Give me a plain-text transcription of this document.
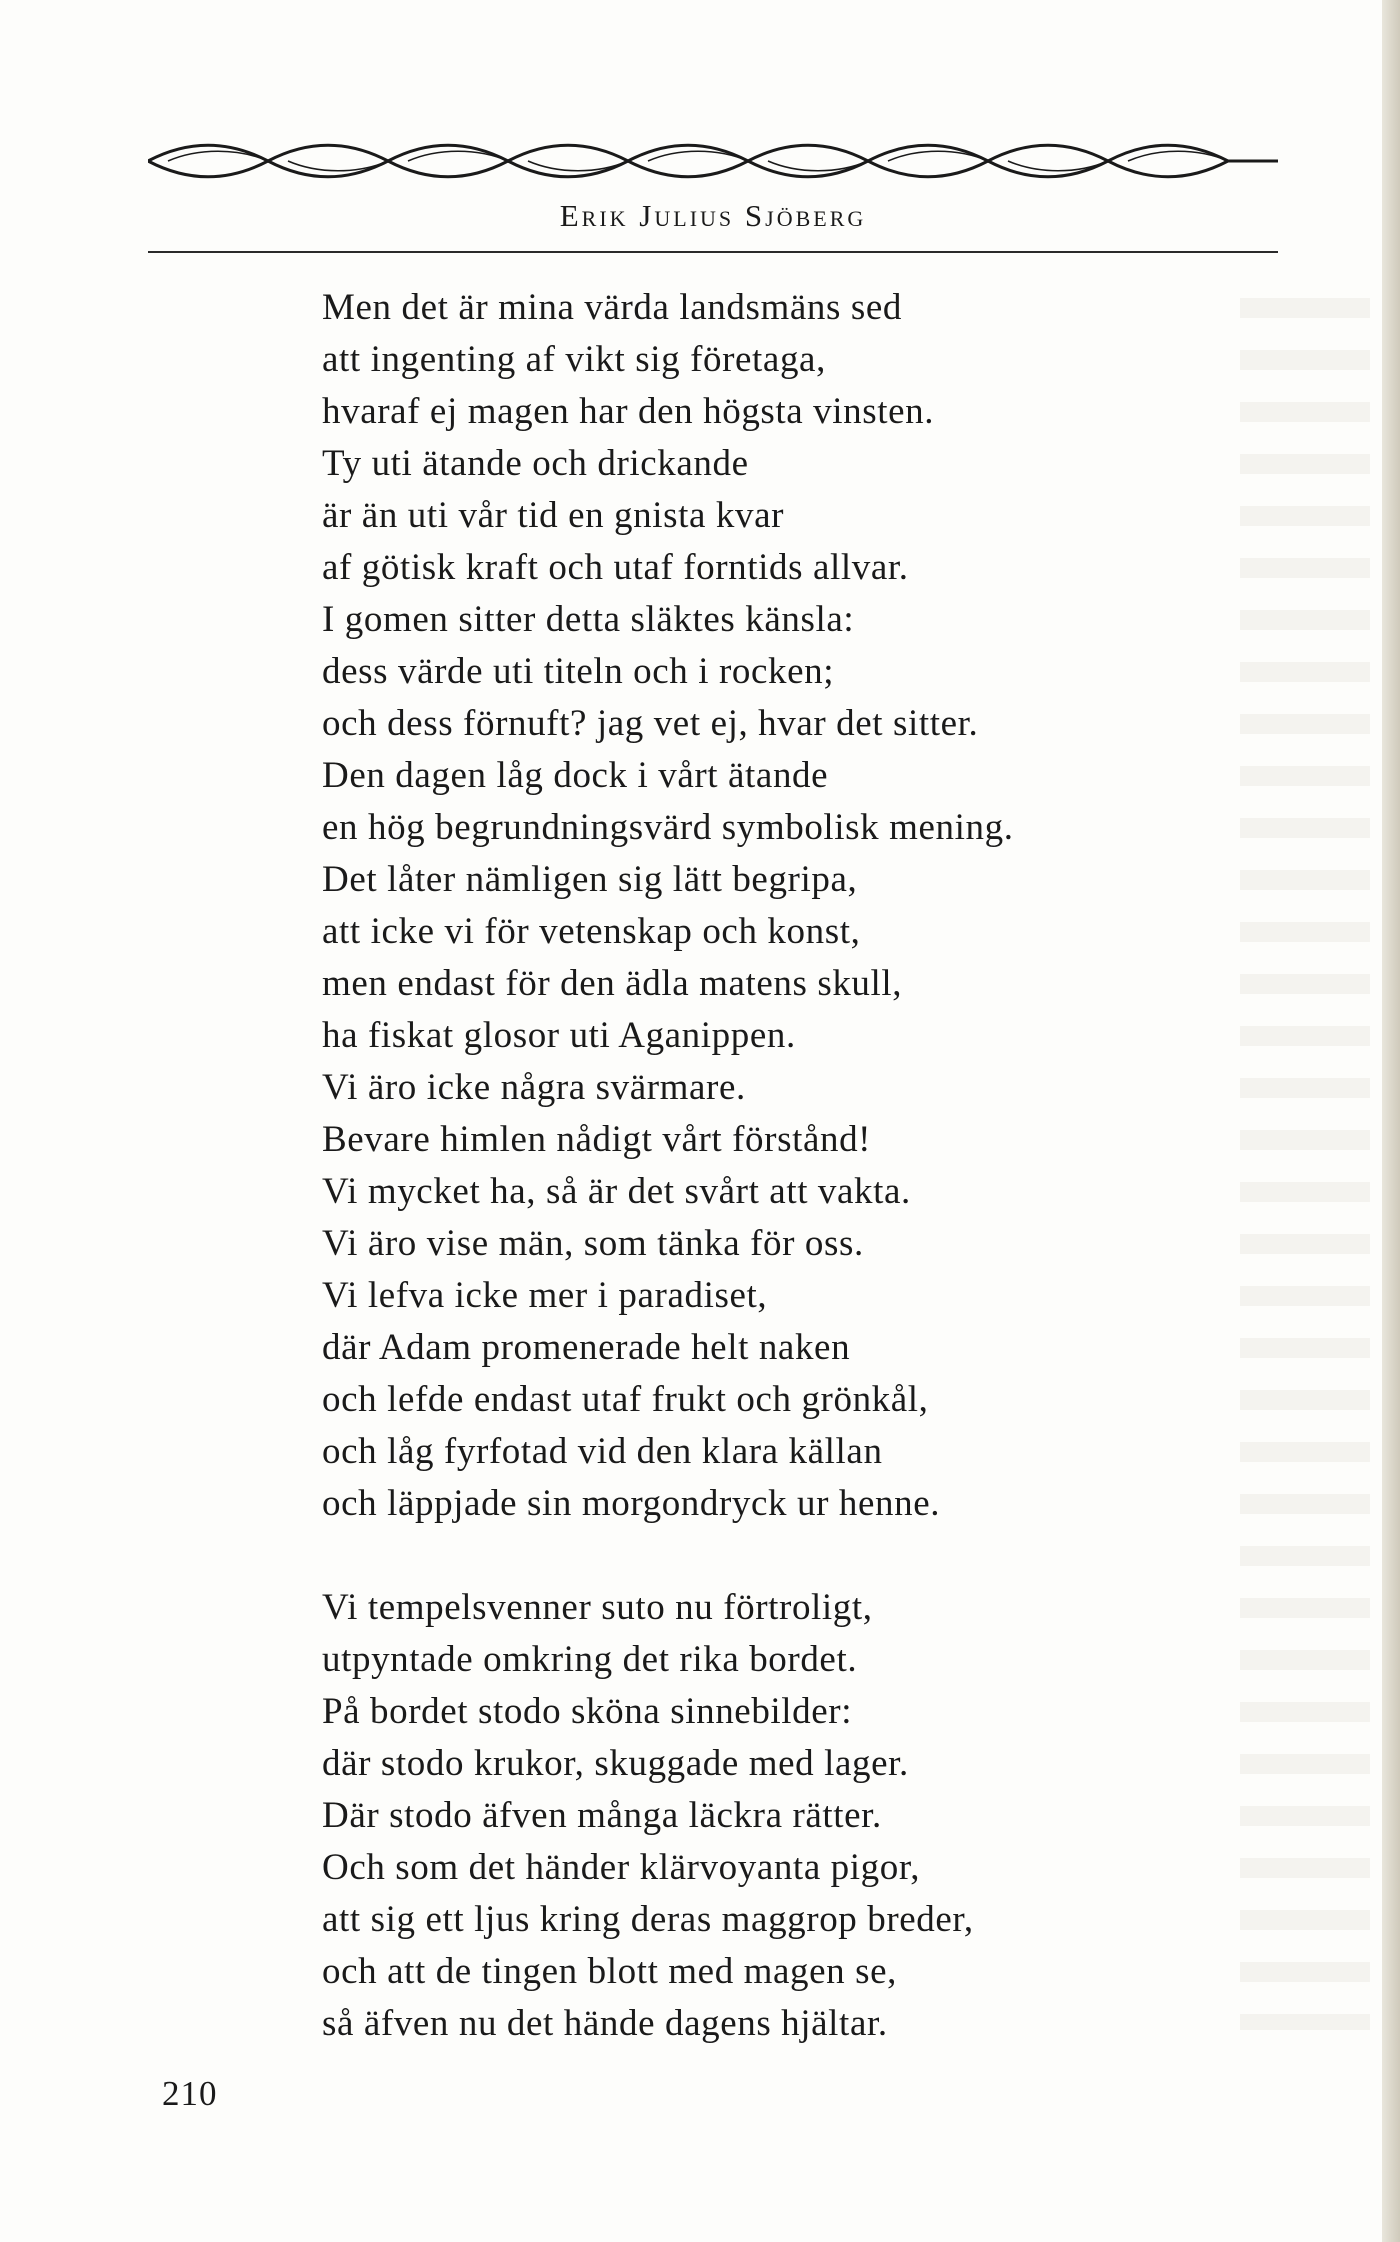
Erik Julius Sjöberg
Men det är mina värda landsmäns sed
att ingenting af vikt sig företaga,
hvaraf ej magen har den högsta vinsten.
Ty uti ätande och drickande
är än uti vår tid en gnista kvar
af götisk kraft och utaf forntids allvar.
I gomen sitter detta släktes känsla:
dess värde uti titeln och i rocken;
och dess förnuft? jag vet ej, hvar det sitter.
Den dagen låg dock i vårt ätande
en hög begrundningsvärd symbolisk mening.
Det låter nämligen sig lätt begripa,
att icke vi för vetenskap och konst,
men endast för den ädla matens skull,
ha fiskat glosor uti Aganippen.
Vi äro icke några svärmare.
Bevare himlen nådigt vårt förstånd!
Vi mycket ha, så är det svårt att vakta.
Vi äro vise män, som tänka för oss.
Vi lefva icke mer i paradiset,
där Adam promenerade helt naken
och lefde endast utaf frukt och grönkål,
och låg fyrfotad vid den klara källan
och läppjade sin morgondryck ur henne.
Vi tempelsvenner suto nu förtroligt,
utpyntade omkring det rika bordet.
På bordet stodo sköna sinnebilder:
där stodo krukor, skuggade med lager.
Där stodo äfven många läckra rätter.
Och som det händer klärvoyanta pigor,
att sig ett ljus kring deras maggrop breder,
och att de tingen blott med magen se,
så äfven nu det hände dagens hjältar.
210
